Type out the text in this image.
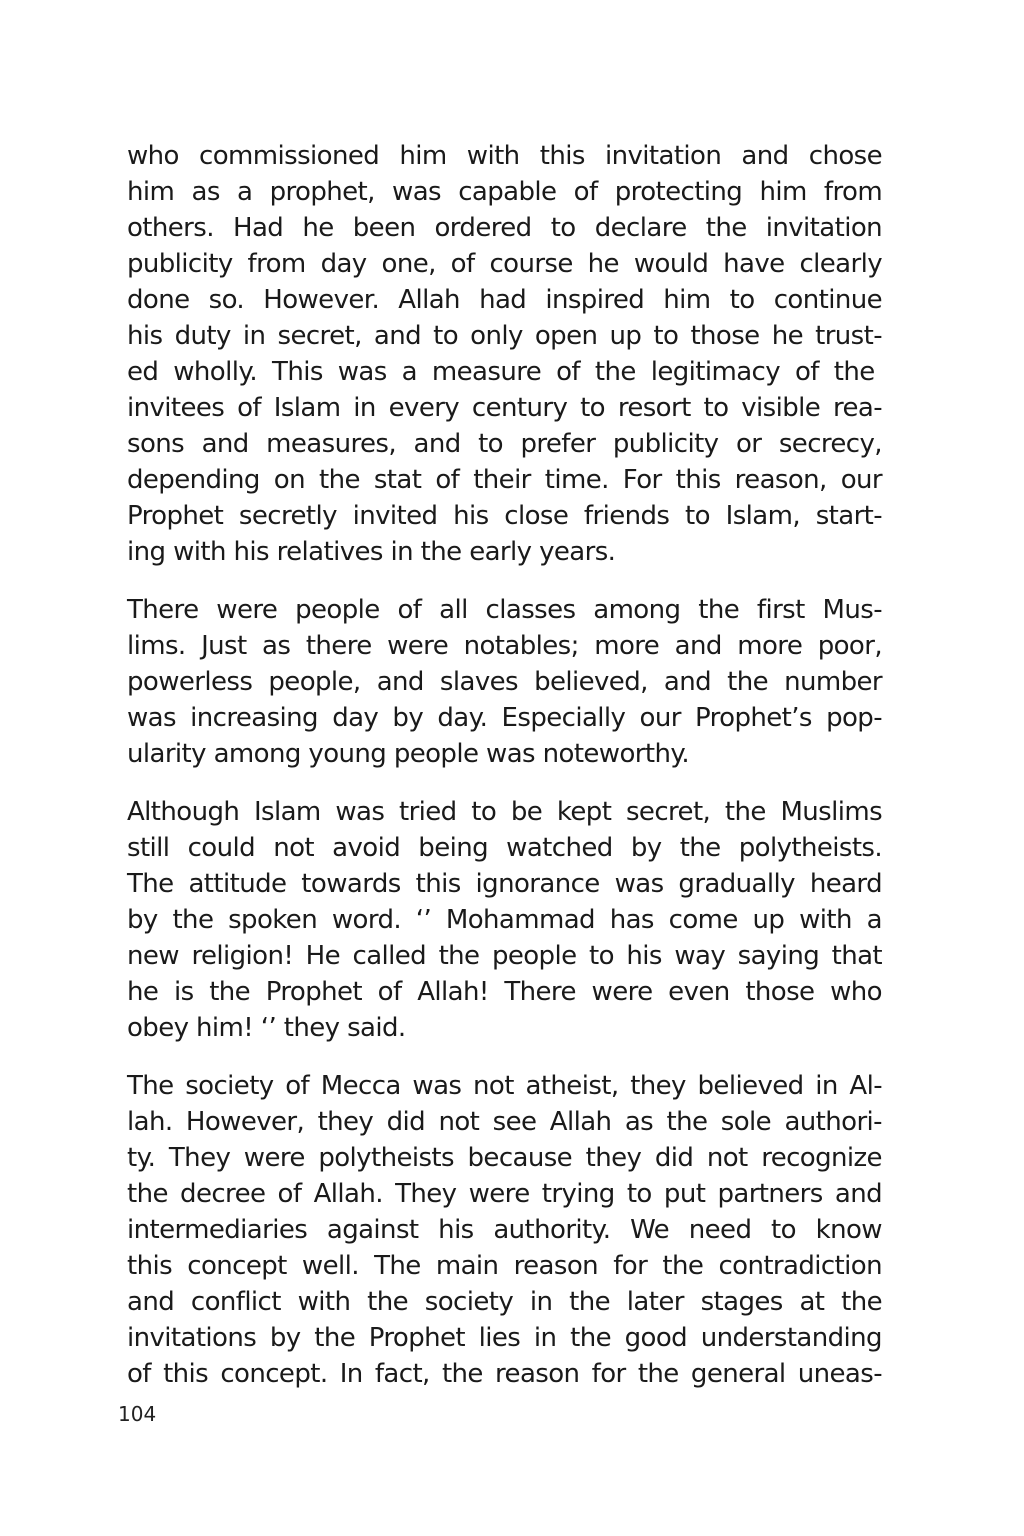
who commissioned him with this invitation and chose
him as a prophet, was capable of protecting him from
others. Had he been ordered to declare the invitation
publicity from day one, of course he would have clearly
done so. However. Allah had inspired him to continue
his duty in secret, and to only open up to those he trust-
ed wholly. This was a measure of the legitimacy of the
invitees of Islam in every century to resort to visible rea-
sons and measures, and to prefer publicity or secrecy,
depending on the stat of their time. For this reason, our
Prophet secretly invited his close friends to Islam, start-
ing with his relatives in the early years.

There were people of all classes among the first Mus-
lims. Just as there were notables; more and more poor,
powerless people, and slaves believed, and the number
was increasing day by day. Especially our Prophet’s pop-
ularity among young people was noteworthy.

Although Islam was tried to be kept secret, the Muslims
still could not avoid being watched by the polytheists.
The attitude towards this ignorance was gradually heard
by the spoken word. ‘’ Mohammad has come up with a
new religion! He called the people to his way saying that
he is the Prophet of Allah! There were even those who
obey him! ‘’ they said.

The society of Mecca was not atheist, they believed in Al-
lah. However, they did not see Allah as the sole authori-
ty. They were polytheists because they did not recognize
the decree of Allah. They were trying to put partners and
intermediaries against his authority. We need to know
this concept well. The main reason for the contradiction
and conflict with the society in the later stages at the
invitations by the Prophet lies in the good understanding
of this concept. In fact, the reason for the general uneas-

104
